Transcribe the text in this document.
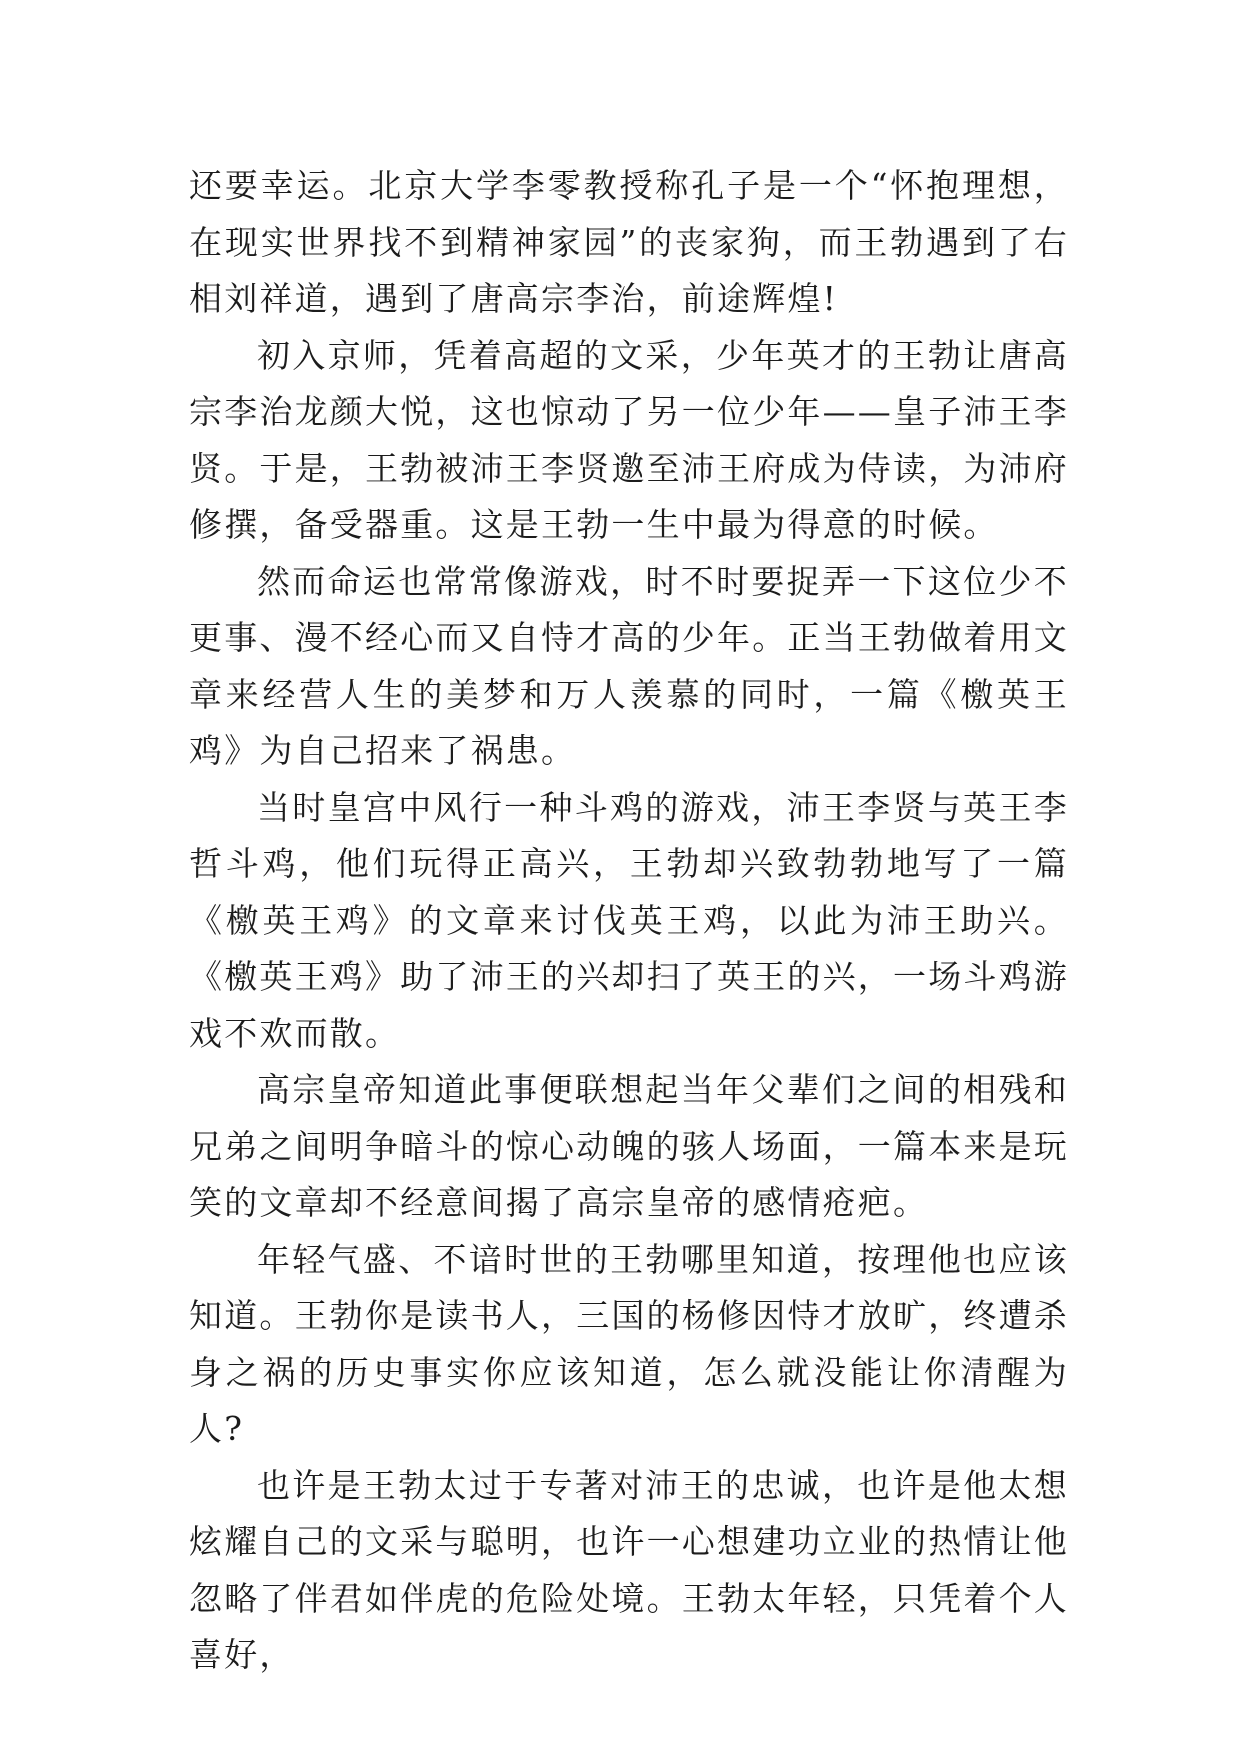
还要幸运。北京大学李零教授称孔子是一个“怀抱理想，在现实世界找不到精神家园”的丧家狗，而王勃遇到了右相刘祥道，遇到了唐高宗李治，前途辉煌!

初入京师，凭着高超的文采，少年英才的王勃让唐高宗李治龙颜大悦，这也惊动了另一位少年——皇子沛王李贤。于是，王勃被沛王李贤邀至沛王府成为侍读，为沛府修撰，备受器重。这是王勃一生中最为得意的时候。

然而命运也常常像游戏，时不时要捉弄一下这位少不更事、漫不经心而又自恃才高的少年。正当王勃做着用文章来经营人生的美梦和万人羡慕的同时，一篇《檄英王鸡》为自己招来了祸患。

当时皇宫中风行一种斗鸡的游戏，沛王李贤与英王李哲斗鸡，他们玩得正高兴，王勃却兴致勃勃地写了一篇《檄英王鸡》的文章来讨伐英王鸡，以此为沛王助兴。《檄英王鸡》助了沛王的兴却扫了英王的兴，一场斗鸡游戏不欢而散。

高宗皇帝知道此事便联想起当年父辈们之间的相残和兄弟之间明争暗斗的惊心动魄的骇人场面，一篇本来是玩笑的文章却不经意间揭了高宗皇帝的感情疮疤。

年轻气盛、不谙时世的王勃哪里知道，按理他也应该知道。王勃你是读书人，三国的杨修因恃才放旷，终遭杀身之祸的历史事实你应该知道，怎么就没能让你清醒为人?

也许是王勃太过于专著对沛王的忠诚，也许是他太想炫耀自己的文采与聪明，也许一心想建功立业的热情让他忽略了伴君如伴虎的危险处境。王勃太年轻，只凭着个人喜好，
